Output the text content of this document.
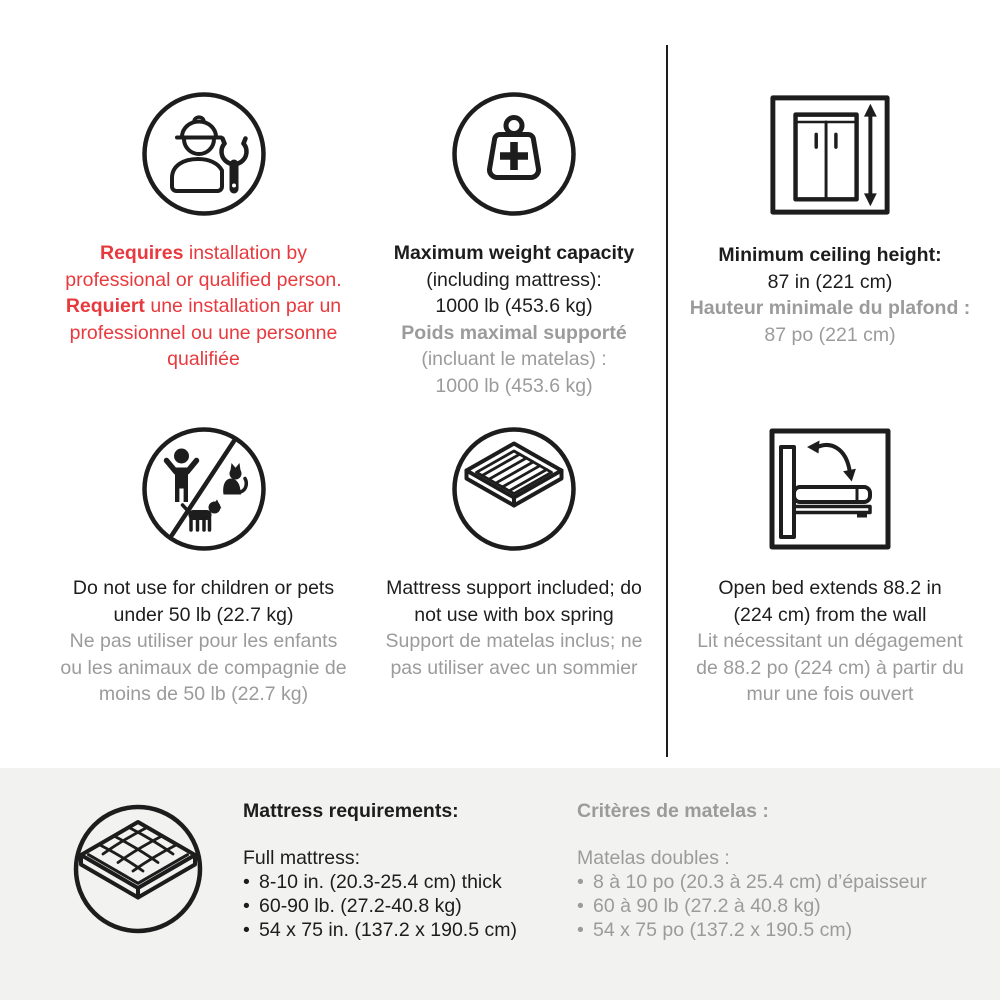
Requires installation by
professional or qualified person.
Requiert une installation par un
professionnel ou une personne
qualifiée
Maximum weight capacity
(including mattress):
1000 lb (453.6 kg)
Poids maximal supporté
(incluant le matelas) :
1000 lb (453.6 kg)
Minimum ceiling height:
87 in (221 cm)
Hauteur minimale du plafond :
87 po (221 cm)
Do not use for children or pets
under 50 lb (22.7 kg)
Ne pas utiliser pour les enfants
ou les animaux de compagnie de
moins de 50 lb (22.7 kg)
Mattress support included; do
not use with box spring
Support de matelas inclus; ne
pas utiliser avec un sommier
Open bed extends 88.2 in
(224 cm) from the wall
Lit nécessitant un dégagement
de 88.2 po (224 cm) à partir du
mur une fois ouvert
Mattress requirements:
Full mattress:
• 8-10 in. (20.3-25.4 cm) thick
• 60-90 lb. (27.2-40.8 kg)
• 54 x 75 in. (137.2 x 190.5 cm)
Critères de matelas :
Matelas doubles :
• 8 à 10 po (20.3 à 25.4 cm) d’épaisseur
• 60 à 90 lb (27.2 à 40.8 kg)
• 54 x 75 po (137.2 x 190.5 cm)
